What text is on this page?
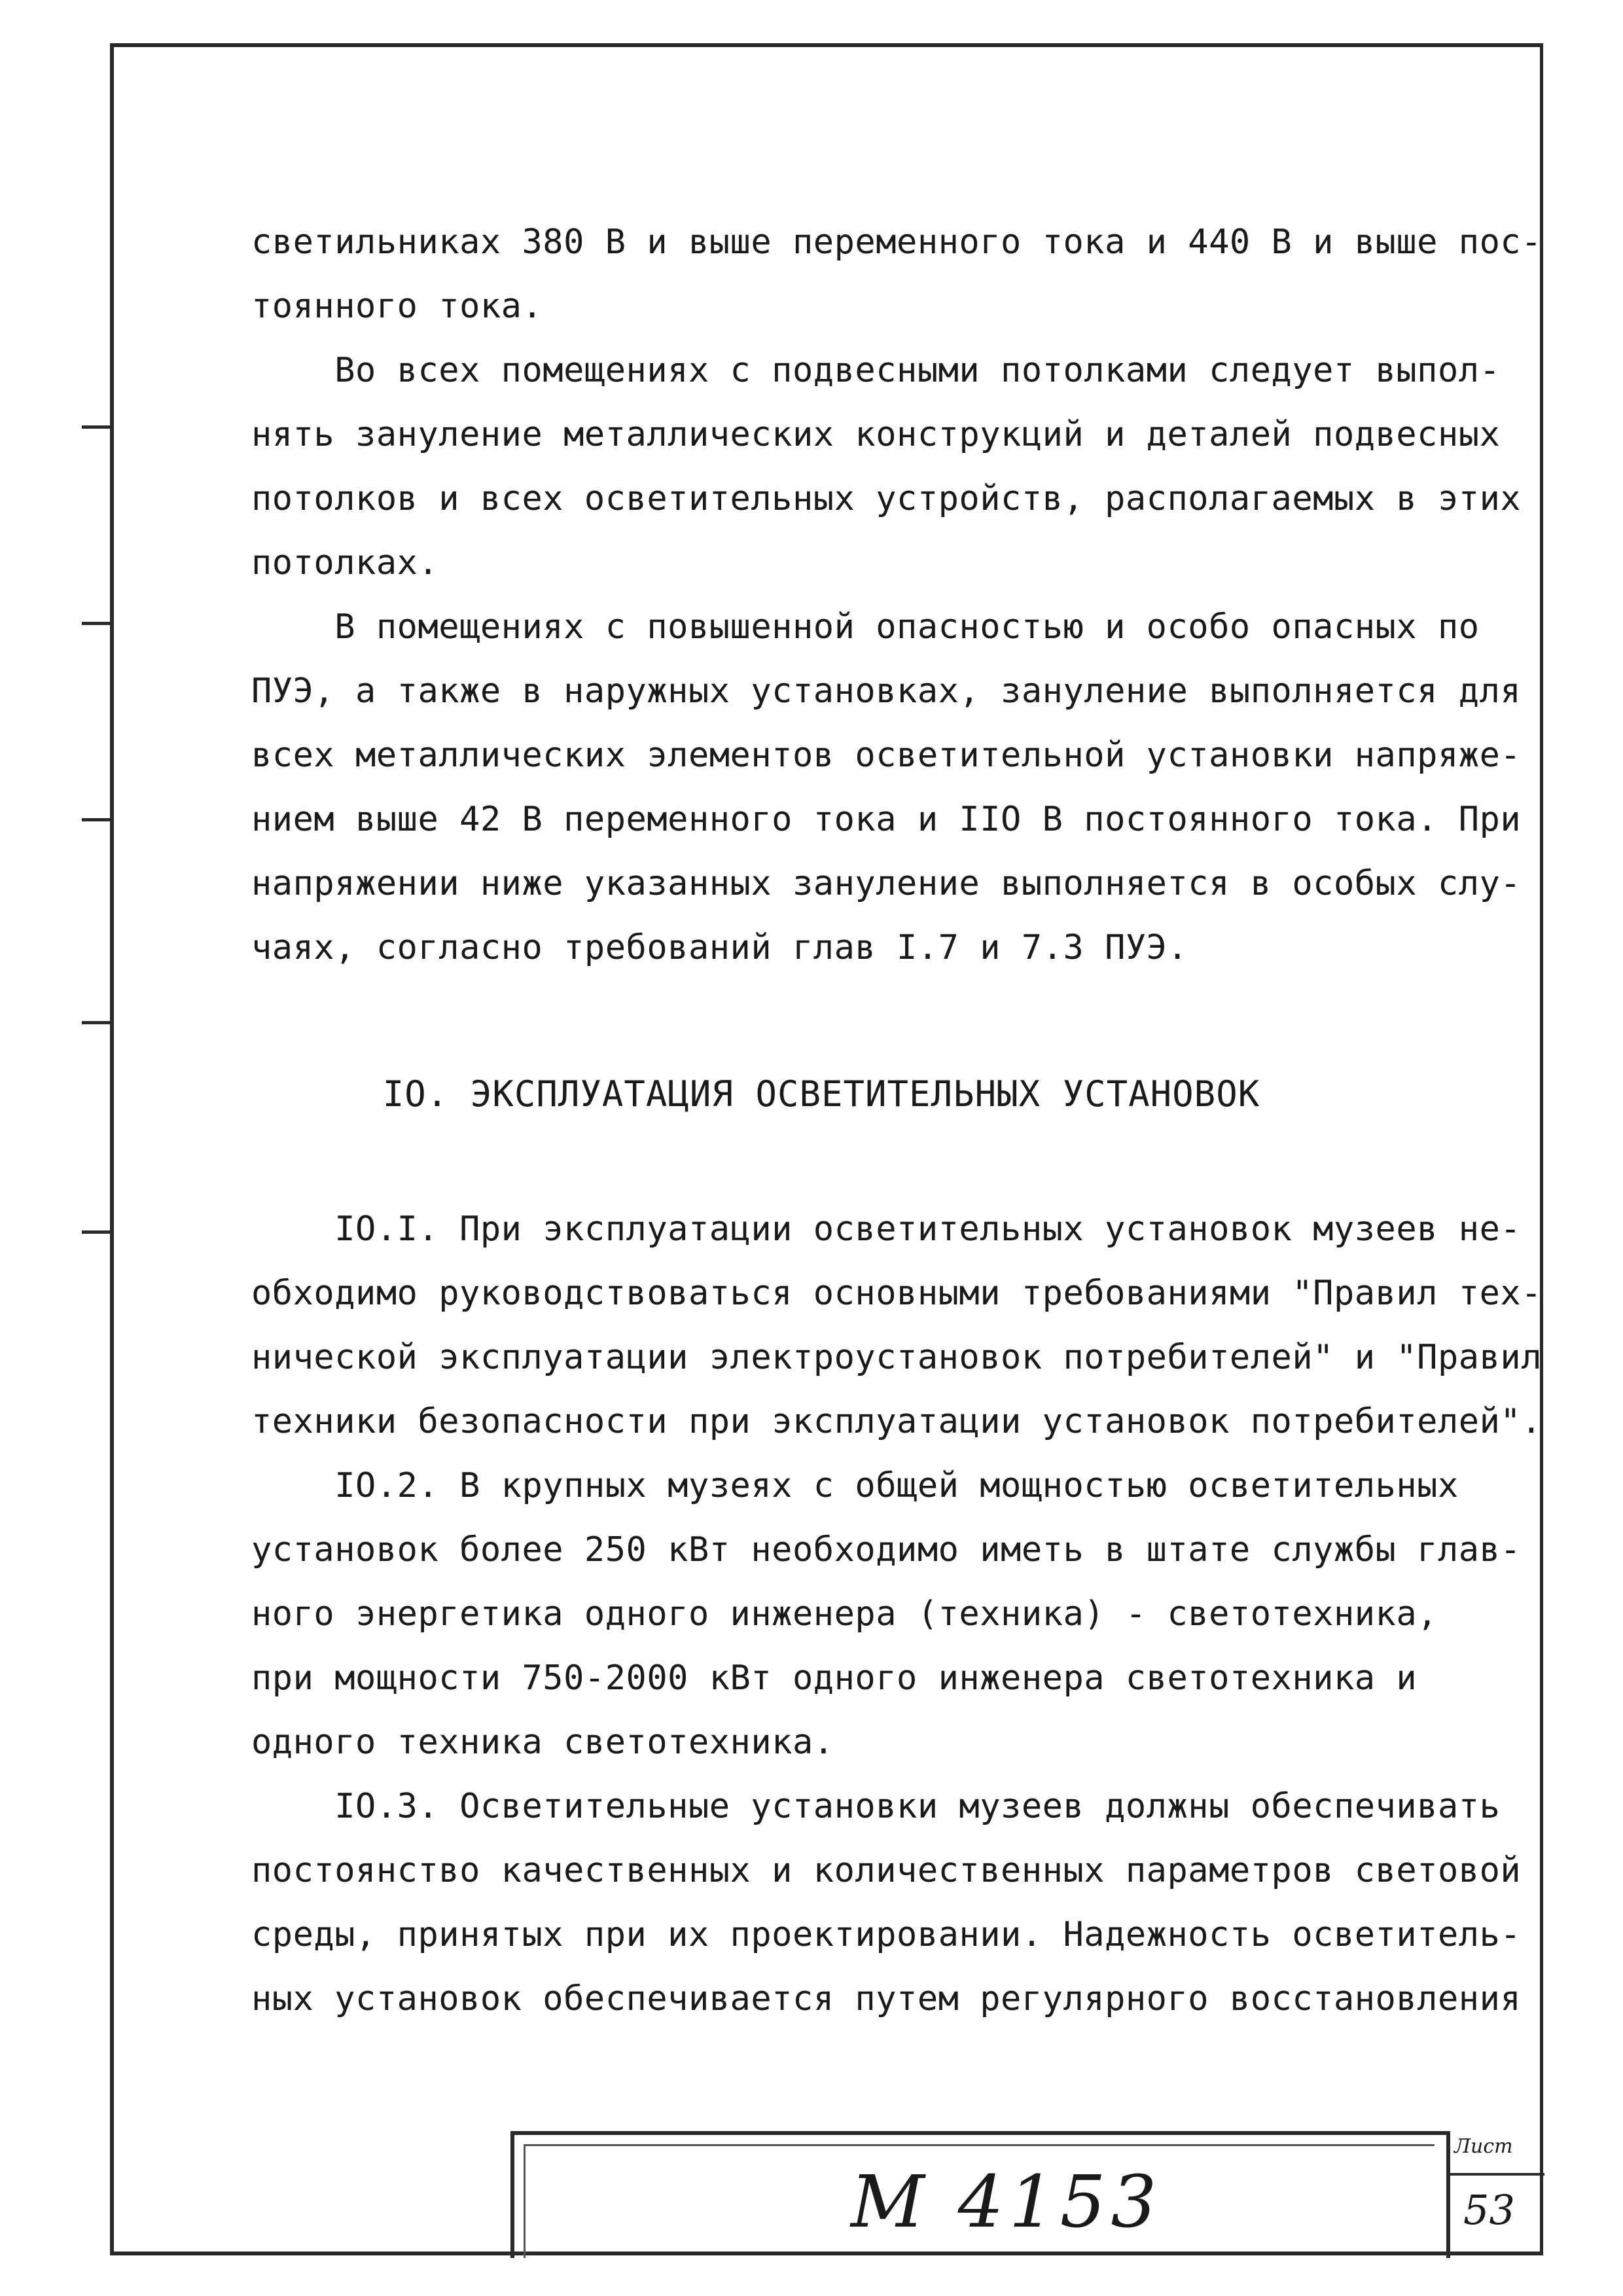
светильниках 380 В и выше переменного тока и 440 В и выше пос-
тоянного тока.
Во всех помещениях с подвесными потолками следует выпол-
нять зануление металлических конструкций и деталей подвесных
потолков и всех осветительных устройств, располагаемых в этих
потолках.
В помещениях с повышенной опасностью и особо опасных по
ПУЭ, а также в наружных установках, зануление выполняется для
всех металлических элементов осветительной установки напряже-
нием выше 42 В переменного тока и IIO В постоянного тока. При
напряжении ниже указанных зануление выполняется в особых слу-
чаях, согласно требований глав I.7 и 7.3 ПУЭ.
IO. ЭКСПЛУАТАЦИЯ ОСВЕТИТЕЛЬНЫХ УСТАНОВОК
IO.I. При эксплуатации осветительных установок музеев не-
обходимо руководствоваться основными требованиями "Правил тех-
нической эксплуатации электроустановок потребителей" и "Правил
техники безопасности при эксплуатации установок потребителей".
IO.2. В крупных музеях с общей мощностью осветительных
установок более 250 кВт необходимо иметь в штате службы глав-
ного энергетика одного инженера (техника) - светотехника,
при мощности 750-2000 кВт одного инженера светотехника и
одного техника светотехника.
IO.3. Осветительные установки музеев должны обеспечивать
постоянство качественных и количественных параметров световой
среды, принятых при их проектировании. Надежность осветитель-
ных установок обеспечивается путем регулярного восстановления
М 4153
Лист
53
